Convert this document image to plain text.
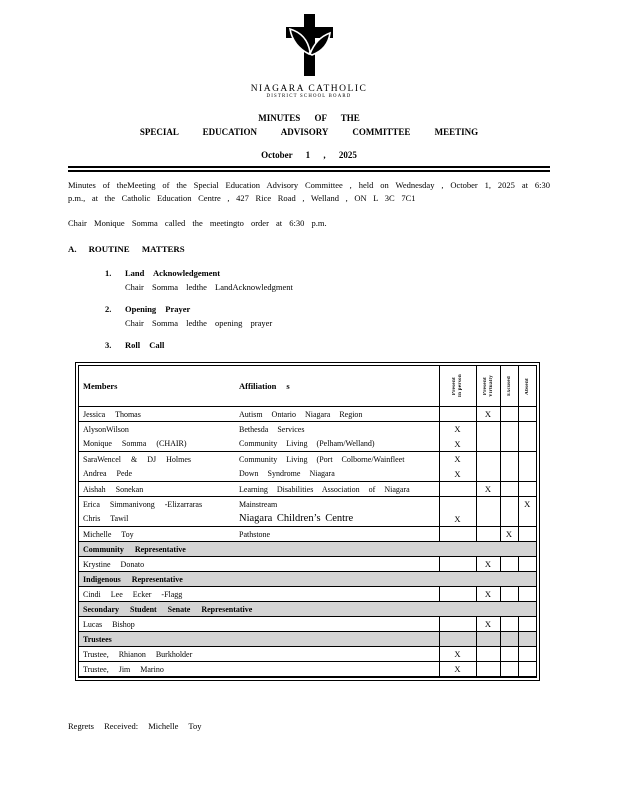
NIAGARA CATHOLIC
DISTRICT SCHOOL BOARD
MINUTES OF THE
SPECIAL EDUCATION ADVISORY COMMITTEE MEETING
October 1 , 2025
Minutes of theMeeting of the Special Education Advisory Committee , held on Wednesday , October 1, 2025 at 6:30 p.m., at the Catholic Education Centre , 427 Rice Road , Welland , ON L 3C 7C1
Chair Monique Somma called the meetingto order at 6:30 p.m.
A. ROUTINE MATTERS
1.	Land Acknowledgement
Chair Somma ledthe LandAcknowledgment
2.	Opening Prayer
Chair Somma ledthe opening prayer
3.	Roll Call
Members	Affiliation s	Present In person	Present Virtually	Excused	Absent

Jessica Thomas	Autism Ontario Niagara Region		X		
AlysonWilson	Bethesda Services	X			
Monique Somma (CHAIR)	Community Living (Pelham/Welland)	X			
SaraWencel & DJ Holmes	Community Living (Port Colborne/Wainfleet	X			
Andrea Pede	Down Syndrome Niagara	X			
Aishah Sonekan	Learning Disabilities Association of Niagara		X		
Erica Simmanivong -Elizarraras	Mainstream				X
Chris Tawil	Niagara Children’s Centre	X			
Michelle Toy	Pathstone			X	
Community Representative					
Krystine Donato			X		
Indigenous Representative					
Cindi Lee Ecker -Flagg			X		
Secondary Student Senate Representative					
Lucas Bishop			X		
Trustees					
Trustee, Rhianon Burkholder		X			
Trustee, Jim Marino		X			
Regrets Received: Michelle Toy
